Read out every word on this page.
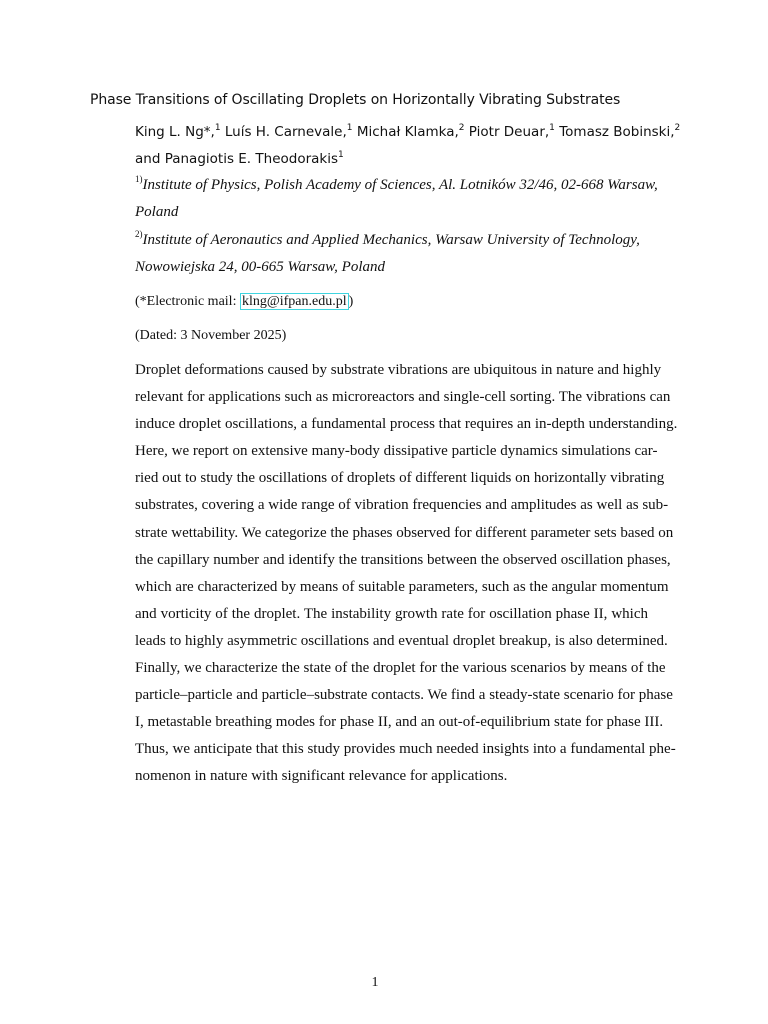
Phase Transitions of Oscillating Droplets on Horizontally Vibrating Substrates
King L. Ng*,$^1$ Luís H. Carnevale,$^1$ Michał Klamka,$^2$ Piotr Deuar,$^1$ Tomasz Bobinski,$^2$
and Panagiotis E. Theodorakis$^1$
$^{1)}$Institute of Physics, Polish Academy of Sciences, Al. Lotników 32/46, 02-668 Warsaw, Poland
$^{2)}$Institute of Aeronautics and Applied Mechanics, Warsaw University of Technology, Nowowiejska 24, 00-665 Warsaw, Poland
(*Electronic mail: klng@ifpan.edu.pl )
(Dated: 3 November 2025)
Droplet deformations caused by substrate vibrations are ubiquitous in nature and highly
relevant for applications such as microreactors and single-cell sorting. The vibrations can
induce droplet oscillations, a fundamental process that requires an in-depth understanding.
Here, we report on extensive many-body dissipative particle dynamics simulations car-
ried out to study the oscillations of droplets of different liquids on horizontally vibrating
substrates, covering a wide range of vibration frequencies and amplitudes as well as sub-
strate wettability. We categorize the phases observed for different parameter sets based on
the capillary number and identify the transitions between the observed oscillation phases,
which are characterized by means of suitable parameters, such as the angular momentum
and vorticity of the droplet. The instability growth rate for oscillation phase II, which
leads to highly asymmetric oscillations and eventual droplet breakup, is also determined.
Finally, we characterize the state of the droplet for the various scenarios by means of the
particle–particle and particle–substrate contacts. We find a steady-state scenario for phase
I, metastable breathing modes for phase II, and an out-of-equilibrium state for phase III.
Thus, we anticipate that this study provides much needed insights into a fundamental phe-
nomenon in nature with significant relevance for applications.
1
